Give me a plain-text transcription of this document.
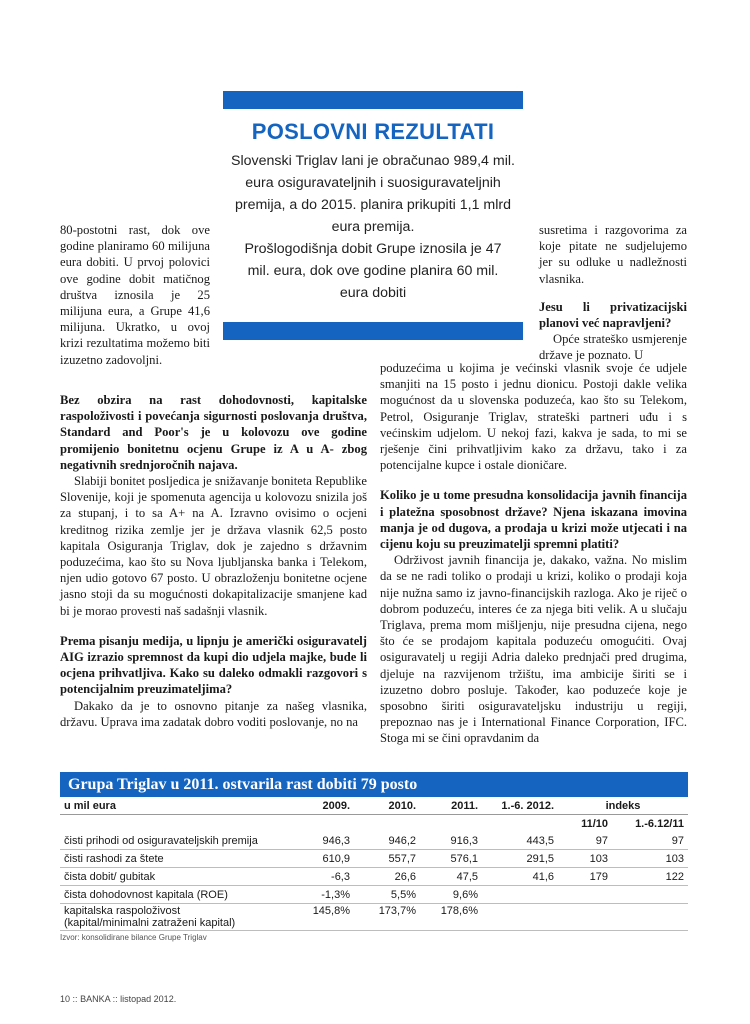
POSLOVNI REZULTATI
Slovenski Triglav lani je obračunao 989,4 mil.
eura osiguravateljnih i suosiguravateljnih
premija, a do 2015. planira prikupiti 1,1 mlrd
eura premija.
Prošlogodišnja dobit Grupe iznosila je 47
mil. eura, dok ove godine planira 60 mil.
eura dobiti

80-postotni rast, dok ove godine planiramo 60 milijuna eura dobiti. U prvoj polovici ove godine dobit matičnog društva iznosila je 25 milijuna eura, a Grupe 41,6 milijuna. Ukratko, u ovoj krizi rezultatima možemo biti izuzetno zadovoljni.

susretima i razgovorima za koje pitate ne sudjelujemo jer su odluke u nadležnosti vlasnika.

Jesu li privatizacijski planovi već napravljeni?

Opće strateško usmjerenje države je poznato. U

Bez obzira na rast dohodovnosti, kapitalske raspoloživosti i povećanja sigurnosti poslovanja društva, Standard and Poor's je u kolovozu ove godine promijenio bonitetnu ocjenu Grupe iz A u A- zbog negativnih srednjoročnih najava.

Slabiji bonitet posljedica je snižavanje boniteta Republike Slovenije, koji je spomenuta agencija u kolovozu snizila još za stupanj, i to sa A+ na A. Izravno ovisimo o ocjeni kreditnog rizika zemlje jer je država vlasnik 62,5 posto kapitala Osiguranja Triglav, dok je zajedno s državnim poduzećima, kao što su Nova ljubljanska banka i Telekom, njen udio gotovo 67 posto. U obrazloženju bonitetne ocjene jasno stoji da su mogućnosti dokapitalizacije smanjene kad bi je morao provesti naš sadašnji vlasnik.

Prema pisanju medija, u lipnju je američki osiguravatelj AIG izrazio spremnost da kupi dio udjela majke, bude li ocjena prihvatljiva. Kako su daleko odmakli razgovori s potencijalnim preuzimateljima?

Dakako da je to osnovno pitanje za našeg vlasnika, državu. Uprava ima zadatak dobro voditi poslovanje, no na

poduzećima u kojima je većinski vlasnik svoje će udjele smanjiti na 15 posto i jednu dionicu. Postoji dakle velika mogućnost da u slovenska poduzeća, kao što su Telekom, Petrol, Osiguranje Triglav, strateški partneri uđu i s većinskim udjelom. U nekoj fazi, kakva je sada, to mi se rješenje čini prihvatljivim kako za državu, tako i za potencijalne kupce i ostale dioničare.

Koliko je u tome presudna konsolidacija javnih financija i platežna sposobnost države? Njena iskazana imovina manja je od dugova, a prodaja u krizi može utjecati i na cijenu koju su preuzimatelji spremni platiti?

Održivost javnih financija je, dakako, važna. No mislim da se ne radi toliko o prodaji u krizi, koliko o prodaji koja nije nužna samo iz javno-financijskih razloga. Ako je riječ o dobrom poduzeću, interes će za njega biti velik. A u slučaju Triglava, prema mom mišljenju, nije presudna cijena, nego što će se prodajom kapitala poduzeću omogućiti. Ovaj osiguravatelj u regiji Adria daleko prednjači pred drugima, djeluje na razvijenom tržištu, ima ambicije širiti se i izuzetno dobro posluje. Također, kao poduzeće koje je sposobno širiti osiguravateljsku industriju u regiji, prepoznao nas je i International Finance Corporation, IFC. Stoga mi se čini opravdanim da

Grupa Triglav u 2011. ostvarila rast dobiti 79 posto
u mil eura	2009.	2010.	2011.	1.-6. 2012.	indeks	
					11/10	1.-6.12/11
čisti prihodi od osiguravateljskih premija	946,3	946,2	916,3	443,5	97	97
čisti rashodi za štete	610,9	557,7	576,1	291,5	103	103
čista dobit/ gubitak	-6,3	26,6	47,5	41,6	179	122
čista dohodovnost kapitala (ROE)	-1,3%	5,5%	9,6%			

kapitalska raspoloživost
(kapital/minimalni zatraženi kapital)	145,8%	173,7%	178,6%			
Izvor: konsolidirane bilance Grupe Triglav
10 :: BANKA :: listopad 2012.
